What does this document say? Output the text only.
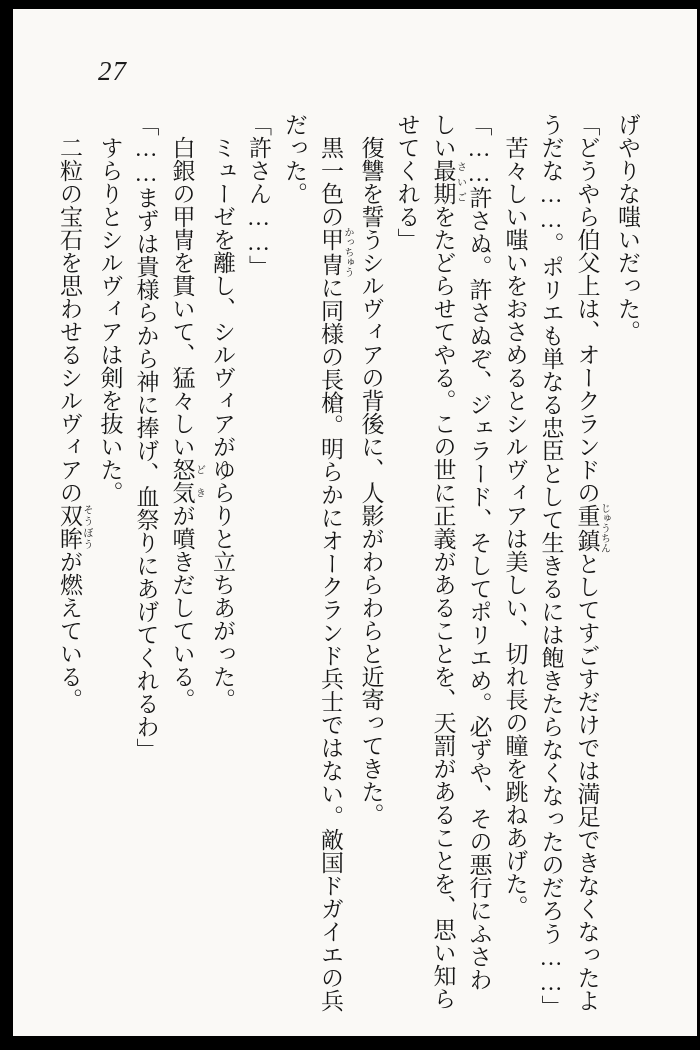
27

げやりな嗤いだった。

「どうやら伯父上は、オークランドの重鎮 じゅうちんとしてすごすだけでは満足できなくなったようだな……。ポリエも単なる忠臣として生きるには飽きたらなくなったのだろう……」

苦々しい嗤いをおさめるとシルヴィアは美しい、切れ長の瞳を跳ねあげた。

「……許さぬ。許さぬぞ、ジェラード、そしてポリエめ。必ずや、その悪行にふさわしい最期 さいごをたどらせてやる。この世に正義があることを、天罰があることを、思い知らせてくれる」

復讐を誓うシルヴィアの背後に、人影がわらわらと近寄ってきた。

黒一色の甲冑 かっちゅうに同様の長槍。明らかにオークランド兵士ではない。敵国ドガイエの兵だった。

「許さん……」

ミューゼを離し、シルヴィアがゆらりと立ちあがった。

白銀の甲冑を貫いて、猛々しい怒気 どきが噴きだしている。

「……まずは貴様らから神に捧げ、血祭りにあげてくれるわ」

すらりとシルヴィアは剣を抜いた。

二粒の宝石を思わせるシルヴィアの双眸 そうぼうが燃えている。
